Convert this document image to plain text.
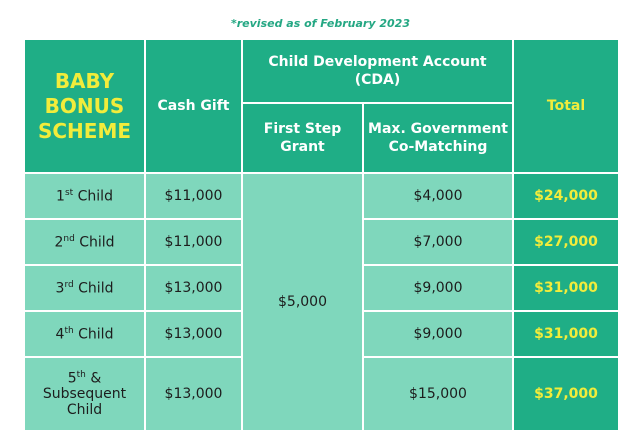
*revised as of February 2023
BABY
BONUS
SCHEME	Cash Gift	Child Development Account (CDA)		Total
		First Step Grant	Max. Government Co-Matching	
1st Child	$11,000	$5,000	$4,000	$24,000
2nd Child	$11,000		$7,000	$27,000
3rd Child	$13,000		$9,000	$31,000
4th Child	$13,000		$9,000	$31,000
5th & Subsequent Child	$13,000		$15,000	$37,000
